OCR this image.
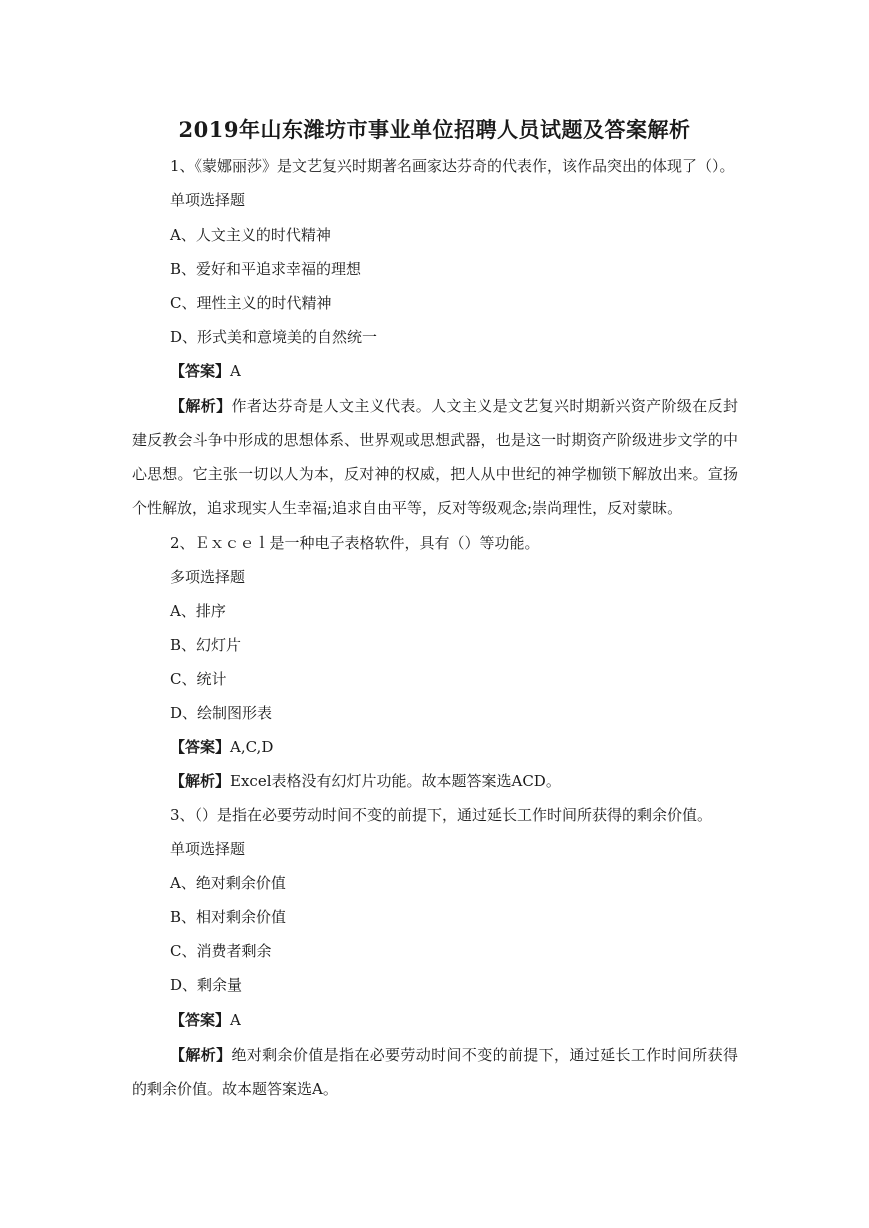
2019年山东潍坊市事业单位招聘人员试题及答案解析
1、《蒙娜丽莎》是文艺复兴时期著名画家达芬奇的代表作，该作品突出的体现了（）。
单项选择题
A、人文主义的时代精神
B、爱好和平追求幸福的理想
C、理性主义的时代精神
D、形式美和意境美的自然统一
【答案】A
【解析】作者达芬奇是人文主义代表。人文主义是文艺复兴时期新兴资产阶级在反封建反教会斗争中形成的思想体系、世界观或思想武器，也是这一时期资产阶级进步文学的中心思想。它主张一切以人为本，反对神的权威，把人从中世纪的神学枷锁下解放出来。宣扬个性解放，追求现实人生幸福;追求自由平等，反对等级观念;崇尚理性，反对蒙昧。
2、Ｅｘｃｅｌ是一种电子表格软件，具有（）等功能。
多项选择题
A、排序
B、幻灯片
C、统计
D、绘制图形表
【答案】A,C,D
【解析】Excel表格没有幻灯片功能。故本题答案选ACD。
3、（）是指在必要劳动时间不变的前提下，通过延长工作时间所获得的剩余价值。
单项选择题
A、绝对剩余价值
B、相对剩余价值
C、消费者剩余
D、剩余量
【答案】A
【解析】绝对剩余价值是指在必要劳动时间不变的前提下，通过延长工作时间所获得的剩余价值。故本题答案选A。
